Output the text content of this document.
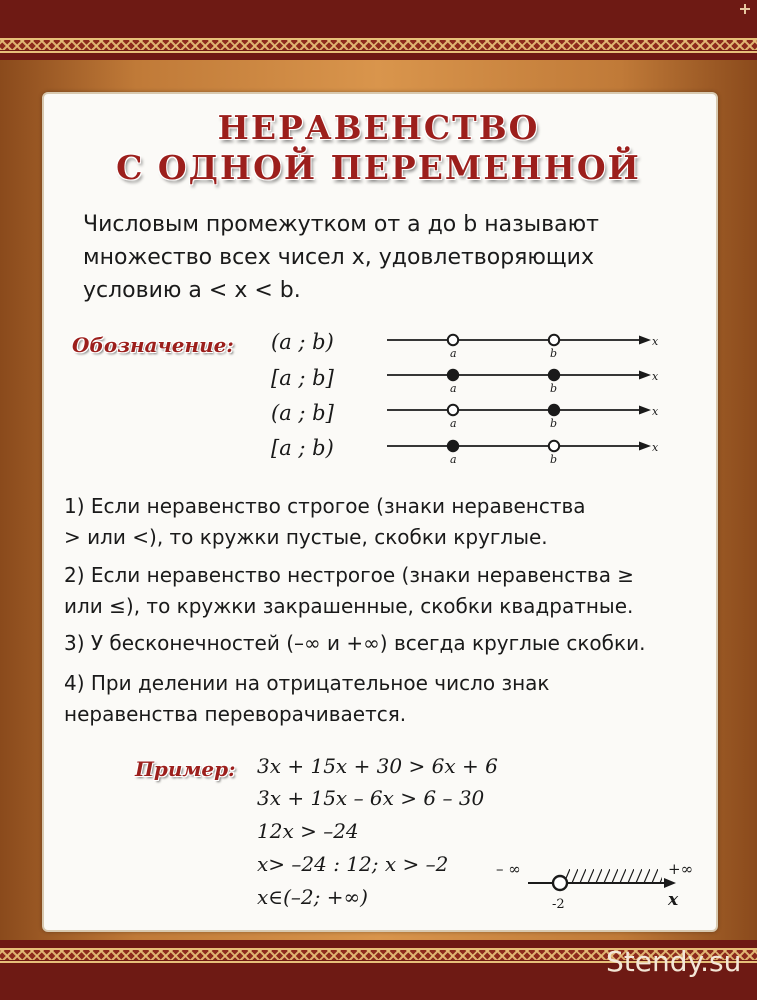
НЕРАВЕНСТВО
С ОДНОЙ ПЕРЕМЕННОЙ
Числовым промежутком от a до b называют
множество всех чисел x, удовлетворяющих
условию a < x < b.
Обозначение: (a ; b)
[a ; b]
(a ; b]
[a ; b)
a	b
x
a	b
x
a	b
x
a	b
x
1) Если неравенство строгое (знаки неравенства
> или <), то кружки пустые, скобки круглые.
2) Если неравенство нестрогое (знаки неравенства ≥
или ≤), то кружки закрашенные, скобки квадратные.
3) У бесконечностей (–∞ и +∞) всегда круглые скобки.
4) При делении на отрицательное число знак
неравенства переворачивается.
Пример: 3x + 15x + 30 > 6x + 6
3x + 15x – 6x > 6 – 30
12x > –24
x> –24 : 12; x > –2
x∈(–2; +∞)
– ∞	+∞
-2	x
Stendy.su
